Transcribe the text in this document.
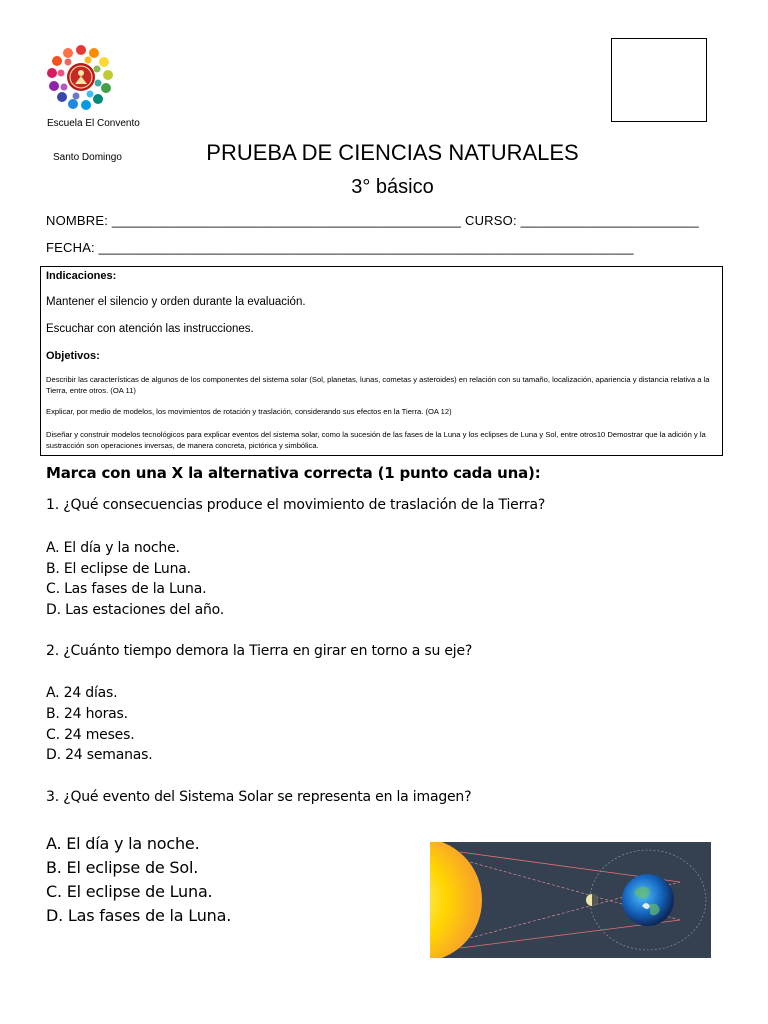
Escuela El Convento
Santo Domingo	PRUEBA DE CIENCIAS NATURALES
3° básico
NOMBRE: _______________________________________________ CURSO: ________________________
FECHA: ________________________________________________________________________
Indicaciones:
Mantener el silencio y orden durante la evaluación.
Escuchar con atención las instrucciones.
Objetivos:
Describir las características de algunos de los componentes del sistema solar (Sol, planetas, lunas, cometas y asteroides) en relación con su tamaño, localización, apariencia y distancia relativa a la Tierra, entre otros. (OA 11)
Explicar, por medio de modelos, los movimientos de rotación y traslación, considerando sus efectos en la Tierra. (OA 12)
Diseñar y construir modelos tecnológicos para explicar eventos del sistema solar, como la sucesión de las fases de la Luna y los eclipses de Luna y Sol, entre otros10 Demostrar que la adición y la sustracción son operaciones inversas, de manera concreta, pictórica y simbólica.
Marca con una X la alternativa correcta (1 punto cada una):
1. ¿Qué consecuencias produce el movimiento de traslación de la Tierra?
A. El día y la noche.
B. El eclipse de Luna.
C. Las fases de la Luna.
D. Las estaciones del año.
2. ¿Cuánto tiempo demora la Tierra en girar en torno a su eje?
A. 24 días.
B. 24 horas.
C. 24 meses.
D. 24 semanas.
3. ¿Qué evento del Sistema Solar se representa en la imagen?
A. El día y la noche.
B. El eclipse de Sol.
C. El eclipse de Luna.
D. Las fases de la Luna.
